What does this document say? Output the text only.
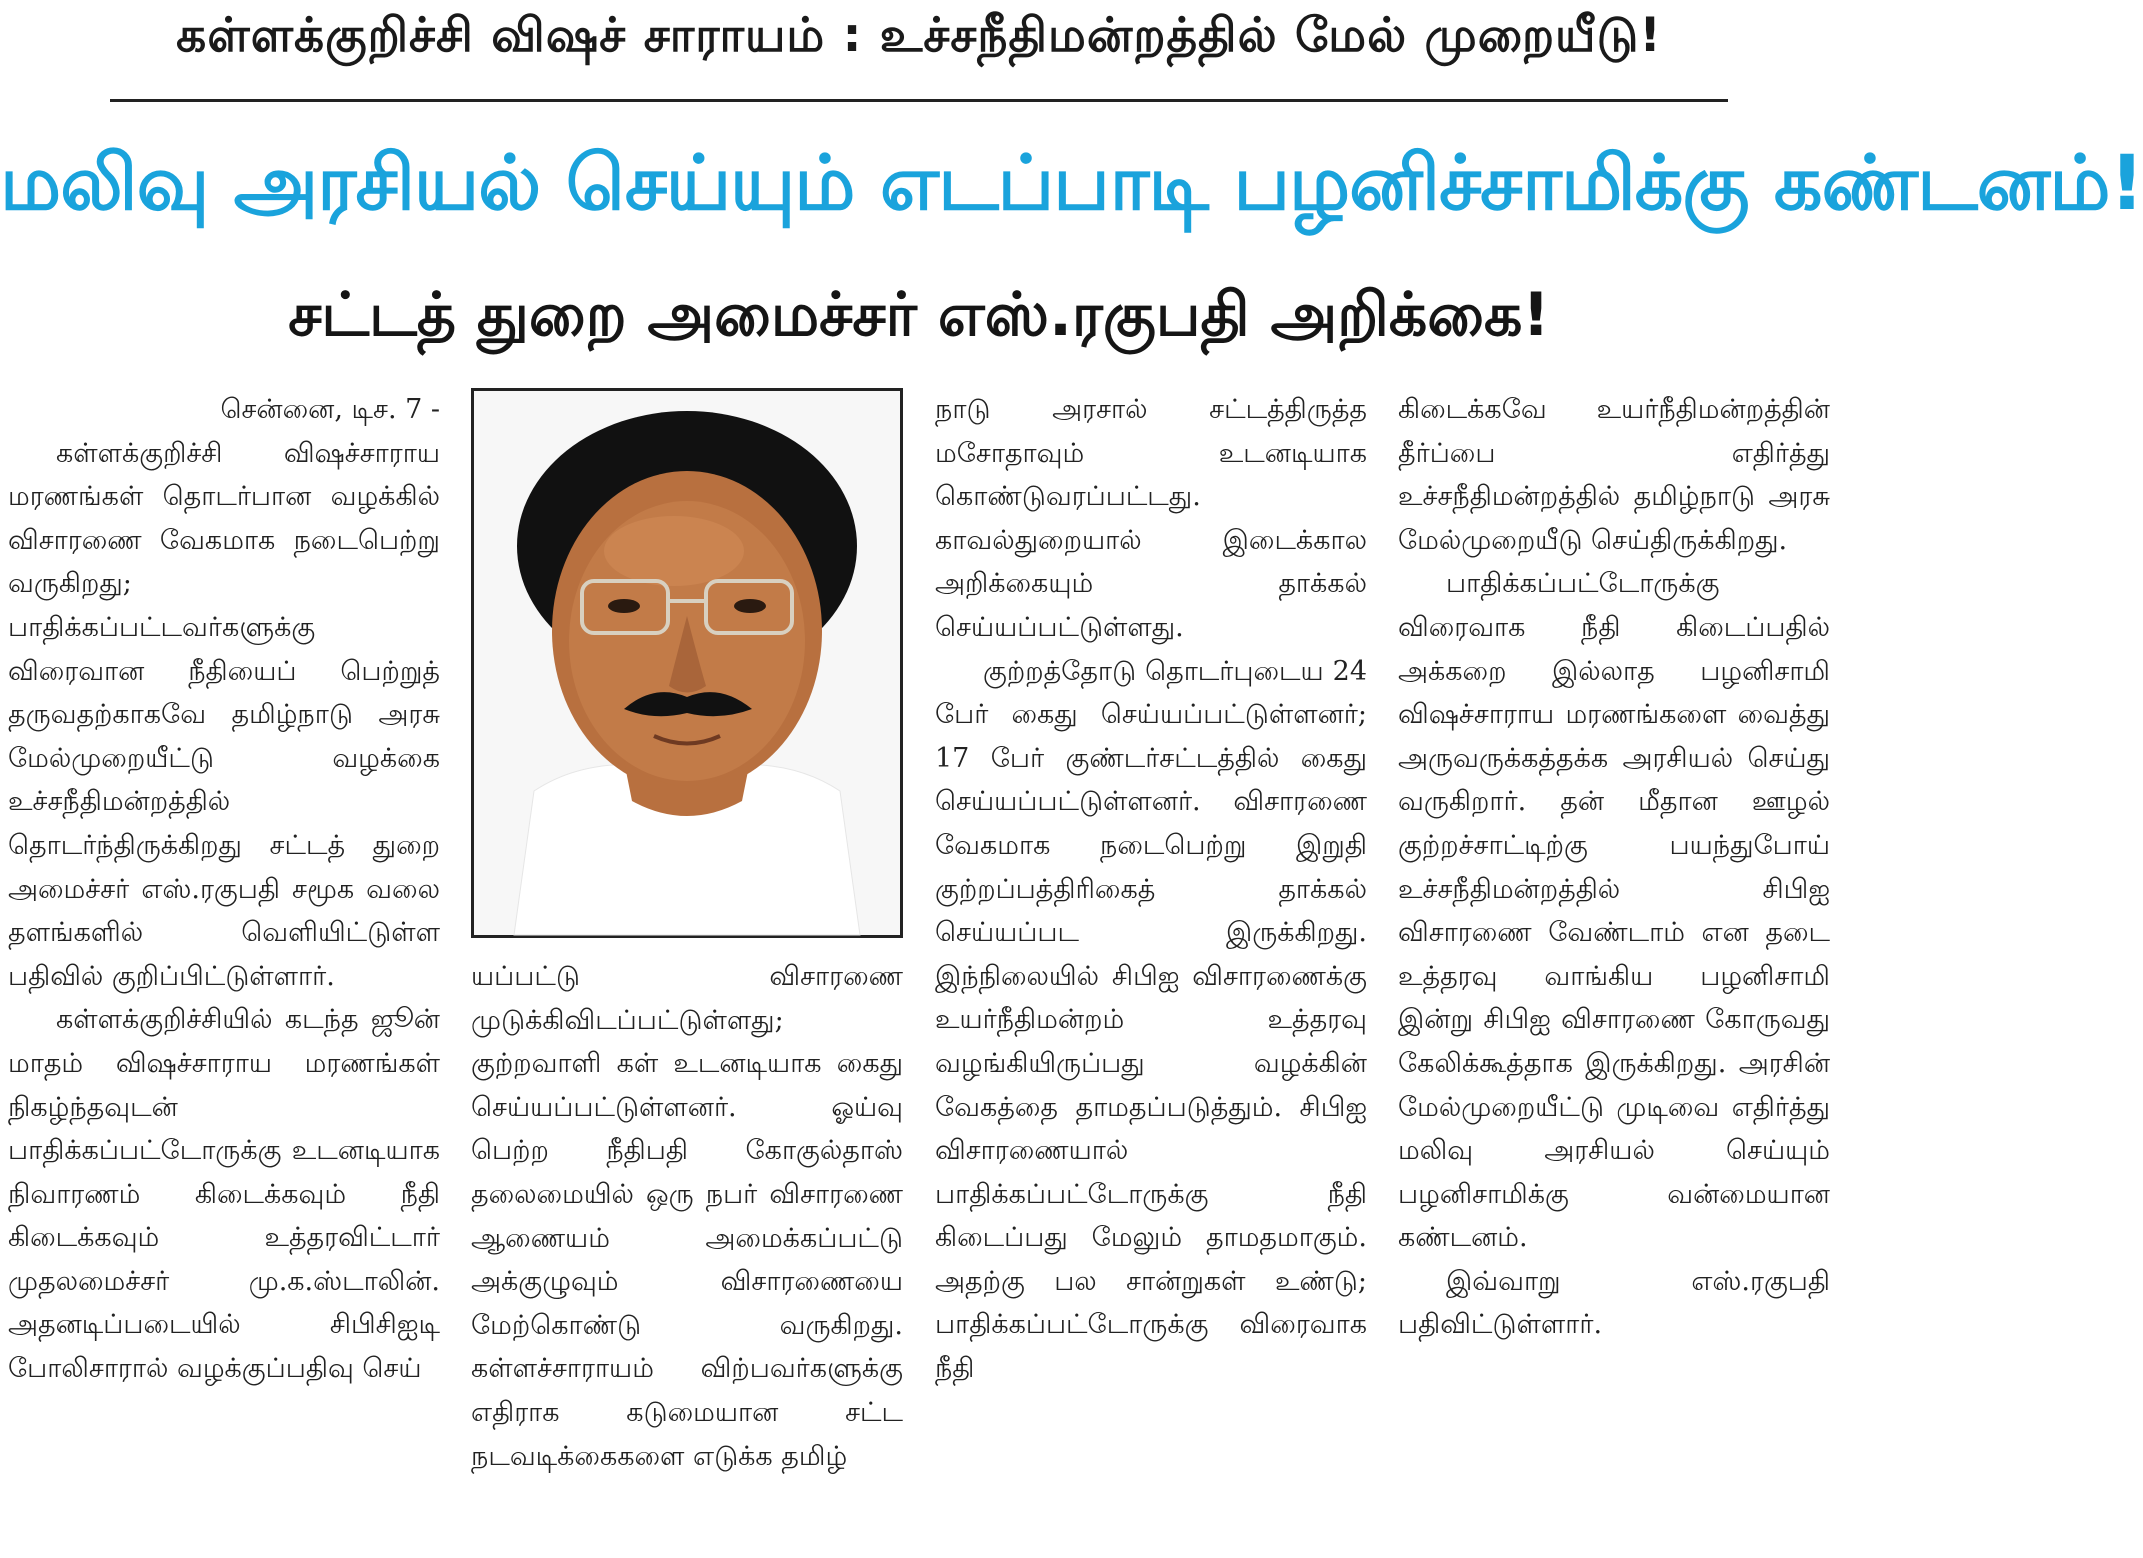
கள்ளக்குறிச்சி விஷச் சாராயம் : உச்சநீதிமன்றத்தில் மேல் முறையீடு!
மலிவு அரசியல் செய்யும் எடப்பாடி பழனிச்சாமிக்கு கண்டனம்!
சட்டத் துறை அமைச்சர் எஸ்.ரகுபதி அறிக்கை!
சென்னை, டிச. 7 -

கள்ளக்குறிச்சி விஷச்சாராய மரணங்கள் தொடர்பான வழக்கில் விசாரணை வேகமாக நடைபெற்று வருகிறது; பாதிக்கப்பட்டவர்களுக்கு விரைவான நீதியைப் பெற்றுத் தருவதற்காகவே தமிழ்நாடு அரசு மேல்முறையீட்டு வழக்கை உச்சநீதிமன்றத்தில் தொடர்ந்திருக்கிறது சட்டத் துறை அமைச்சர் எஸ்.ரகுபதி சமூக வலை தளங்களில் வெளியிட்டுள்ள பதிவில் குறிப்பிட்டுள்ளார்.

கள்ளக்குறிச்சியில் கடந்த ஜூன் மாதம் விஷச்சாராய மரணங்கள் நிகழ்ந்தவுடன் பாதிக்கப்பட்டோருக்கு உடனடியாக நிவாரணம் கிடைக்கவும் நீதி கிடைக்கவும் உத்தரவிட்டார் முதலமைச்சர் மு.க.ஸ்டாலின். அதனடிப்படையில் சிபிசிஐடி போலிசாரால் வழக்குப்பதிவு செய்

யப்பட்டு விசாரணை முடுக்கிவிடப்பட்டுள்ளது; குற்றவாளி கள் உடனடியாக கைது செய்யப்பட்டுள்ளனர். ஓய்வு பெற்ற நீதிபதி கோகுல்தாஸ் தலைமையில் ஒரு நபர் விசாரணை ஆணையம் அமைக்கப்பட்டு அக்குழுவும் விசாரணையை மேற்கொண்டு வருகிறது. கள்ளச்சாராயம் விற்பவர்களுக்கு எதிராக கடுமையான சட்ட நடவடிக்கைகளை எடுக்க தமிழ்

நாடு அரசால் சட்டத்திருத்த மசோதாவும் உடனடியாக கொண்டுவரப்பட்டது. காவல்துறையால் இடைக்கால அறிக்கையும் தாக்கல் செய்யப்பட்டுள்ளது.

குற்றத்தோடு தொடர்புடைய 24 பேர் கைது செய்யப்பட்டுள்ளனர்; 17 பேர் குண்டர்சட்டத்தில் கைது செய்யப்பட்டுள்ளனர். விசாரணை வேகமாக நடைபெற்று இறுதி குற்றப்பத்திரிகைத் தாக்கல் செய்யப்பட இருக்கிறது. இந்நிலையில் சிபிஐ விசாரணைக்கு உயர்நீதிமன்றம் உத்தரவு வழங்கியிருப்பது வழக்கின் வேகத்தை தாமதப்படுத்தும். சிபிஐ விசாரணையால் பாதிக்கப்பட்டோருக்கு நீதி கிடைப்பது மேலும் தாமதமாகும். அதற்கு பல சான்றுகள் உண்டு; பாதிக்கப்பட்டோருக்கு விரைவாக நீதி

கிடைக்கவே உயர்நீதிமன்றத்தின் தீர்ப்பை எதிர்த்து உச்சநீதிமன்றத்தில் தமிழ்நாடு அரசு மேல்முறையீடு செய்திருக்கிறது.

பாதிக்கப்பட்டோருக்கு விரைவாக நீதி கிடைப்பதில் அக்கறை இல்லாத பழனிசாமி விஷச்சாராய மரணங்களை வைத்து அருவருக்கத்தக்க அரசியல் செய்து வருகிறார். தன் மீதான ஊழல் குற்றச்சாட்டிற்கு பயந்துபோய் உச்சநீதிமன்றத்தில் சிபிஐ விசாரணை வேண்டாம் என தடை உத்தரவு வாங்கிய பழனிசாமி இன்று சிபிஐ விசாரணை கோருவது கேலிக்கூத்தாக இருக்கிறது. அரசின் மேல்முறையீட்டு முடிவை எதிர்த்து மலிவு அரசியல் செய்யும் பழனிசாமிக்கு வன்மையான கண்டனம்.

இவ்வாறு எஸ்.ரகுபதி பதிவிட்டுள்ளார்.
